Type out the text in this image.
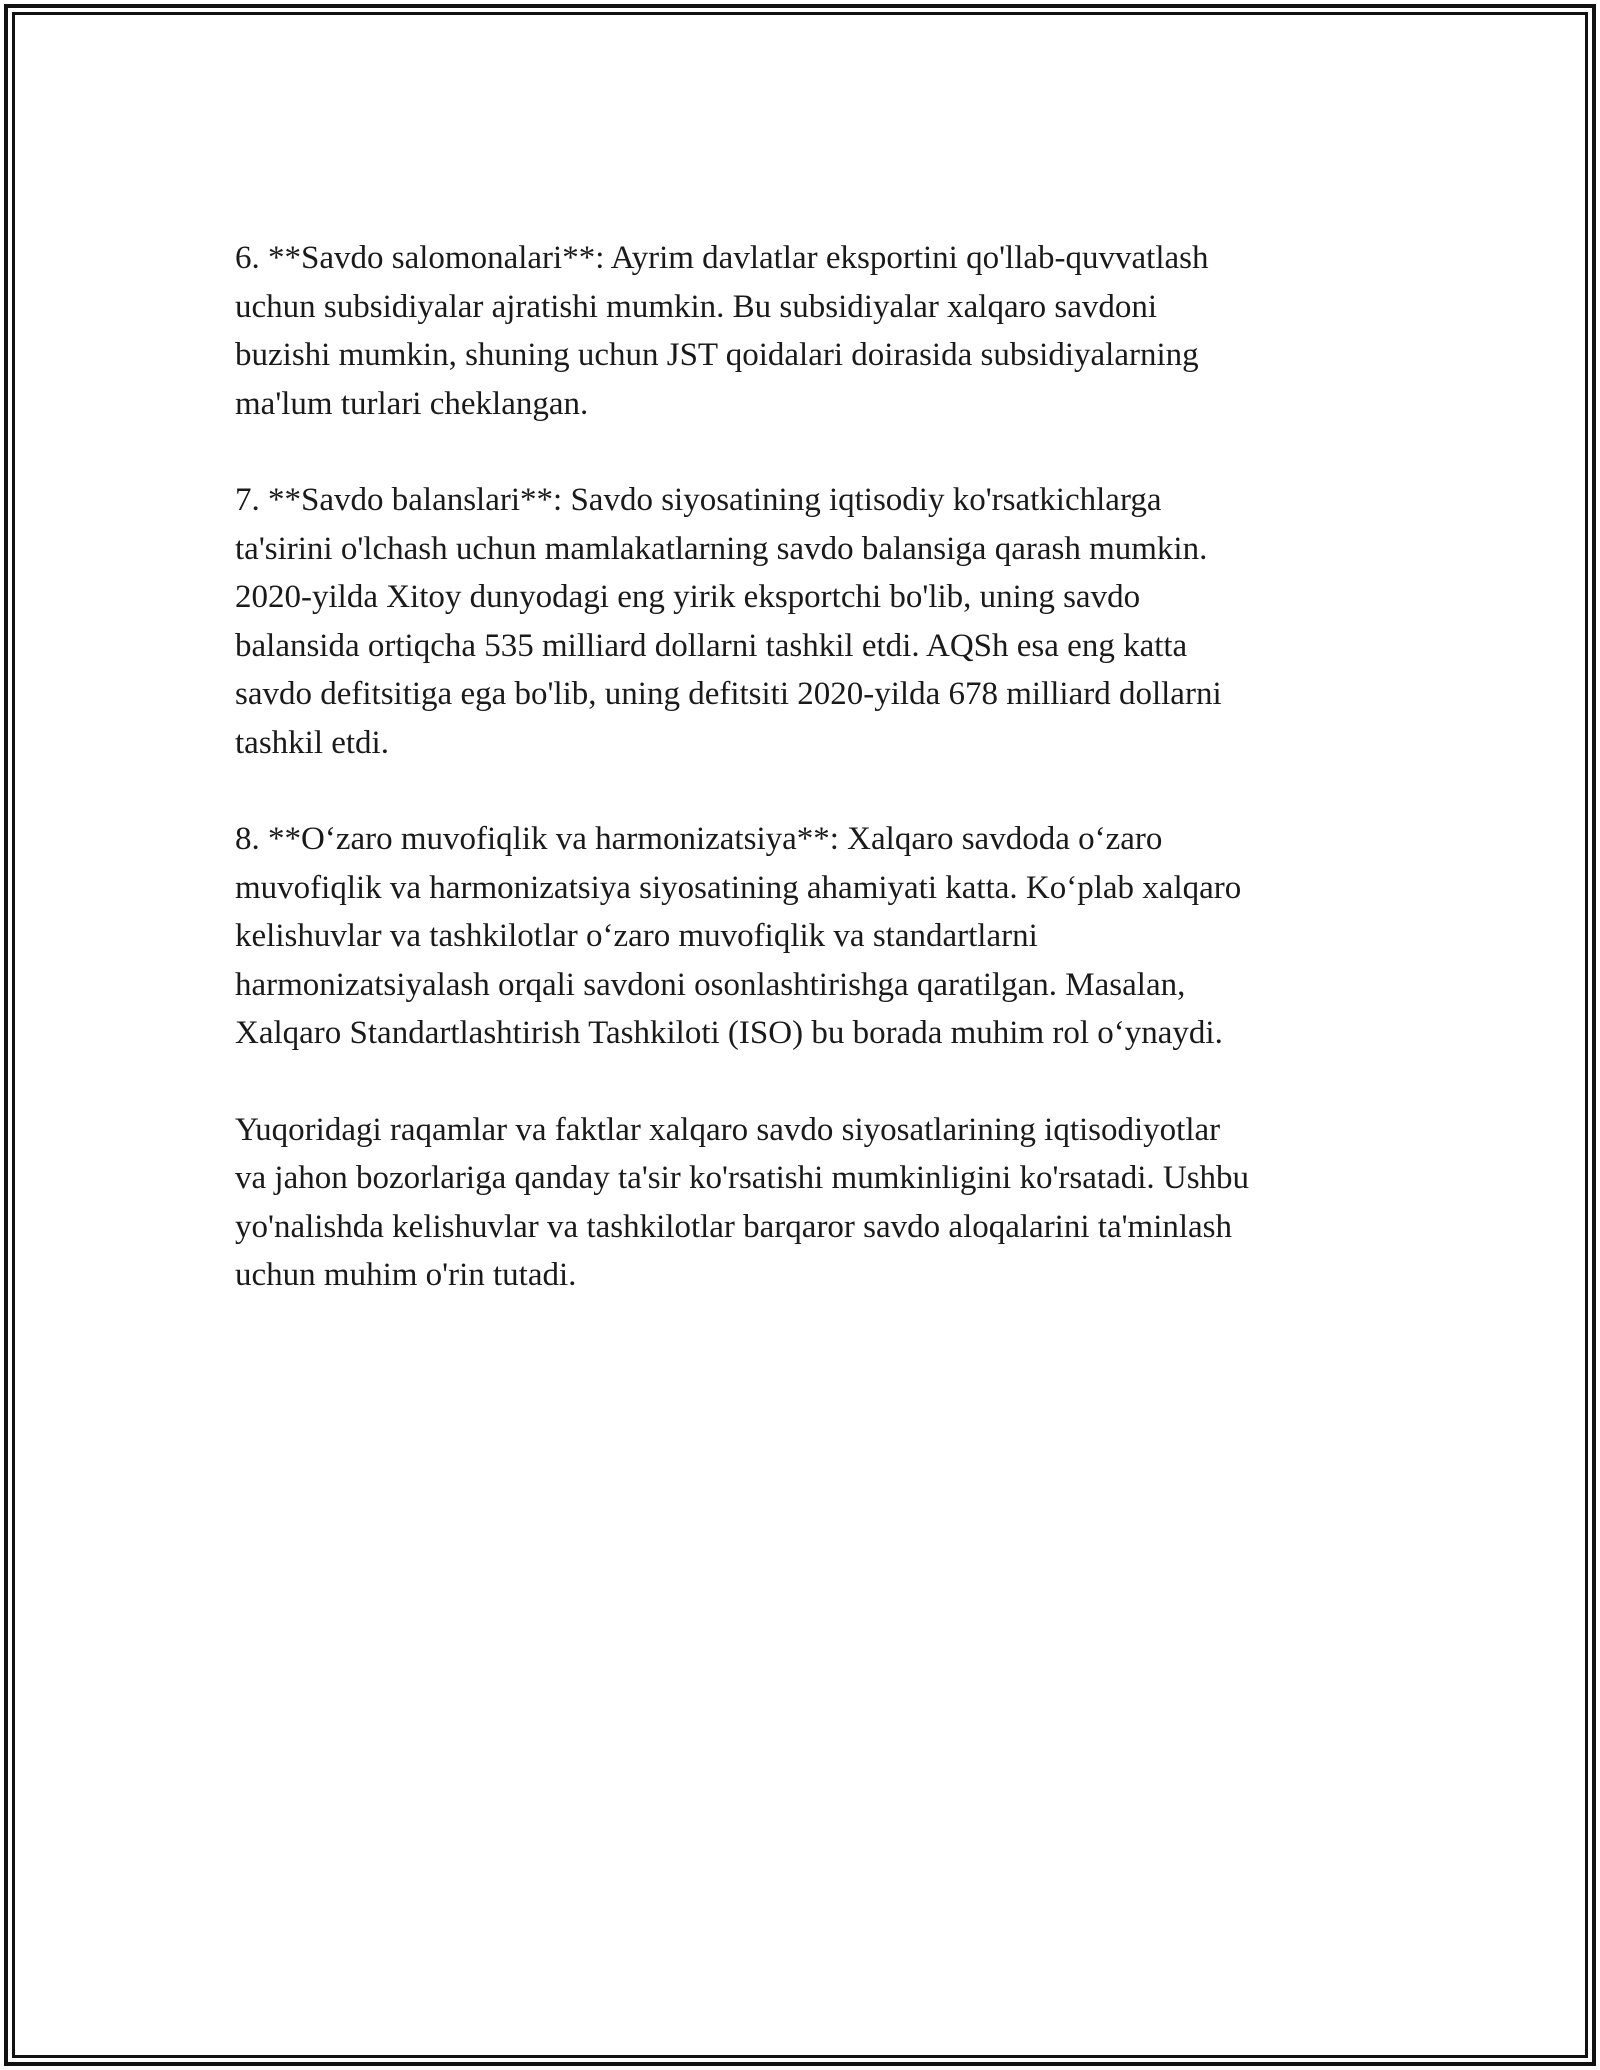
6. **Savdo salomonalari**: Ayrim davlatlar eksportini qo'llab-quvvatlash
uchun subsidiyalar ajratishi mumkin. Bu subsidiyalar xalqaro savdoni
buzishi mumkin, shuning uchun JST qoidalari doirasida subsidiyalarning
ma'lum turlari cheklangan.

7. **Savdo balanslari**: Savdo siyosatining iqtisodiy ko'rsatkichlarga
ta'sirini o'lchash uchun mamlakatlarning savdo balansiga qarash mumkin.
2020-yilda Xitoy dunyodagi eng yirik eksportchi bo'lib, uning savdo
balansida ortiqcha 535 milliard dollarni tashkil etdi. AQSh esa eng katta
savdo defitsitiga ega bo'lib, uning defitsiti 2020-yilda 678 milliard dollarni
tashkil etdi.

8. **O‘zaro muvofiqlik va harmonizatsiya**: Xalqaro savdoda o‘zaro
muvofiqlik va harmonizatsiya siyosatining ahamiyati katta. Ko‘plab xalqaro
kelishuvlar va tashkilotlar o‘zaro muvofiqlik va standartlarni
harmonizatsiyalash orqali savdoni osonlashtirishga qaratilgan. Masalan,
Xalqaro Standartlashtirish Tashkiloti (ISO) bu borada muhim rol o‘ynaydi.

Yuqoridagi raqamlar va faktlar xalqaro savdo siyosatlarining iqtisodiyotlar
va jahon bozorlariga qanday ta'sir ko'rsatishi mumkinligini ko'rsatadi. Ushbu
yo'nalishda kelishuvlar va tashkilotlar barqaror savdo aloqalarini ta'minlash
uchun muhim o'rin tutadi.
